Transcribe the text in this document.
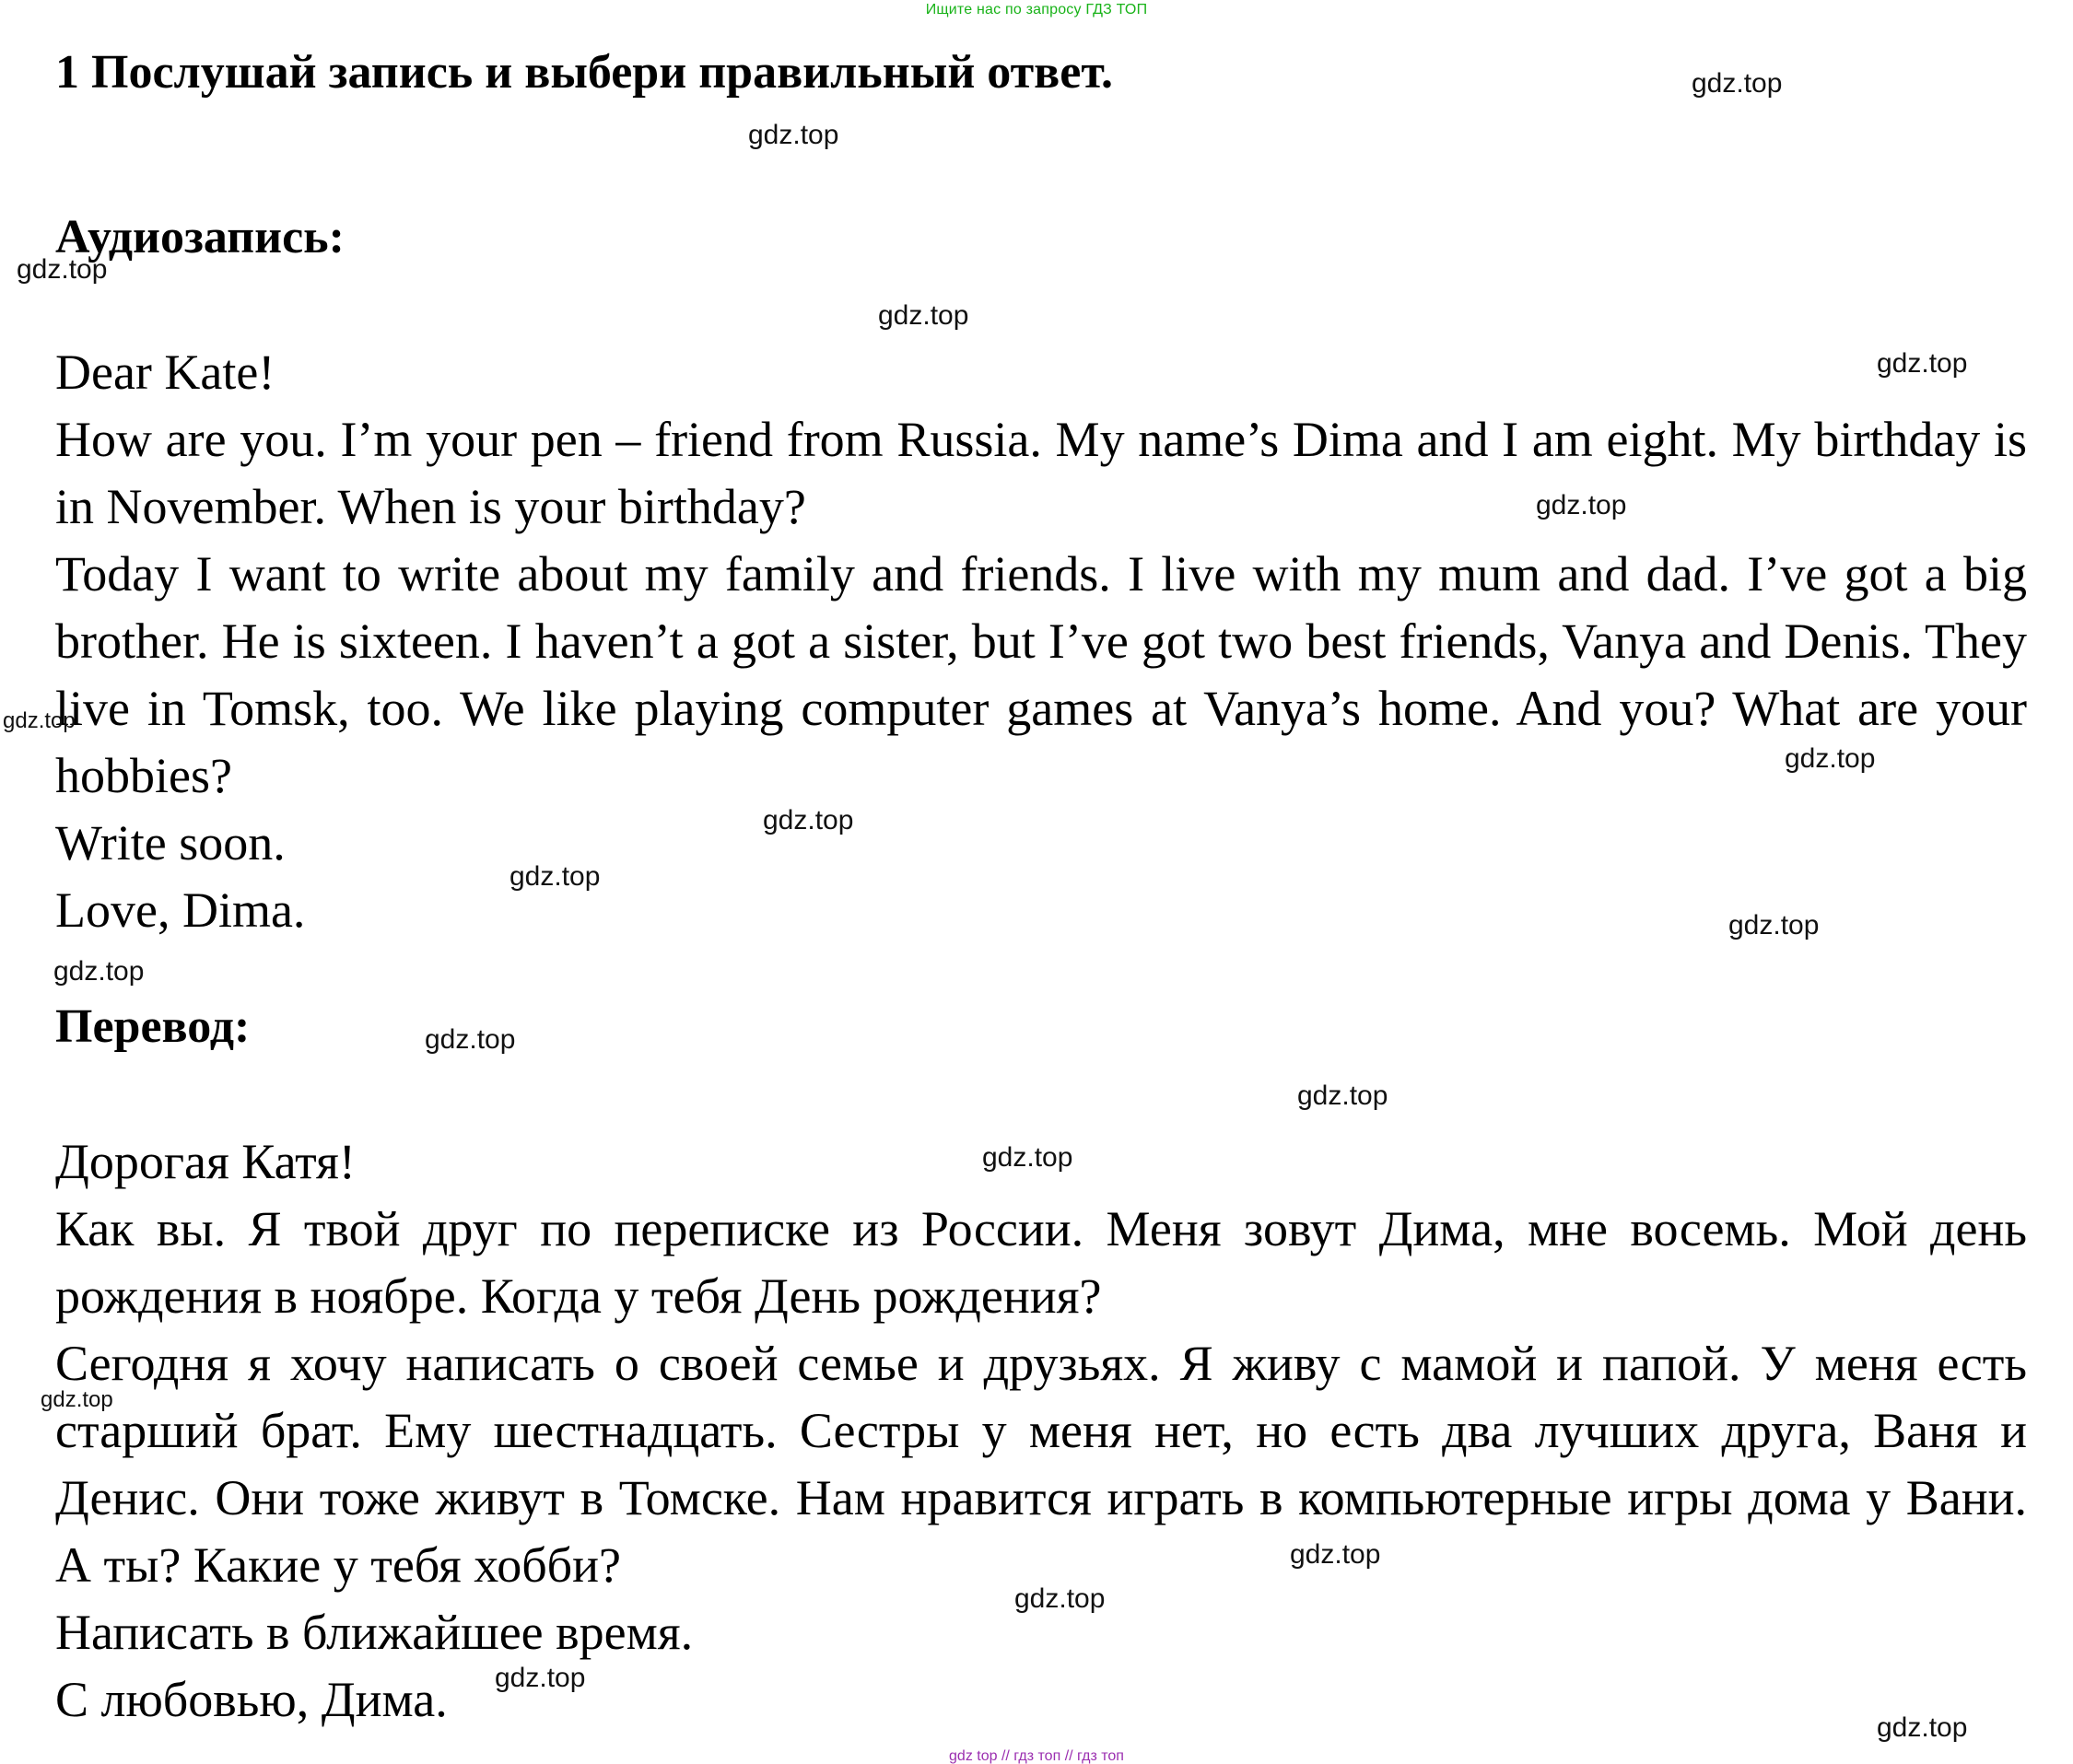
Ищите нас по запросу ГДЗ ТОП

1 Послушай запись и выбери правильный ответ.

Аудиозапись:

Dear Kate!

How are you. I’m your pen – friend from Russia. My name’s Dima and I am eight. My birthday is in November. When is your birthday?

Today I want to write about my family and friends. I live with my mum and dad. I’ve got a big brother. He is sixteen. I haven’t a got a sister, but I’ve got two best friends, Vanya and Denis. They live in Tomsk, too. We like playing computer games at Vanya’s home. And you? What are your hobbies?

Write soon.

Love, Dima.

Перевод:

Дорогая Катя!

Как вы. Я твой друг по переписке из России. Меня зовут Дима, мне восемь. Мой день рождения в ноябре. Когда у тебя День рождения?

Сегодня я хочу написать о своей семье и друзьях. Я живу с мамой и папой. У меня есть старший брат. Ему шестнадцать. Сестры у меня нет, но есть два лучших друга, Ваня и Денис. Они тоже живут в Томске. Нам нравится играть в компьютерные игры дома у Вани. А ты? Какие у тебя хобби?

Написать в ближайшее время.

С любовью, Дима.

gdz.top
gdz.top
gdz.top
gdz.top
gdz.top
gdz.top
gdz.top
gdz.top
gdz.top
gdz.top
gdz.top
gdz.top
gdz.top
gdz.top
gdz.top
gdz.top
gdz.top
gdz.top
gdz.top
gdz.top
gdz top // гдз топ // гдз топ
